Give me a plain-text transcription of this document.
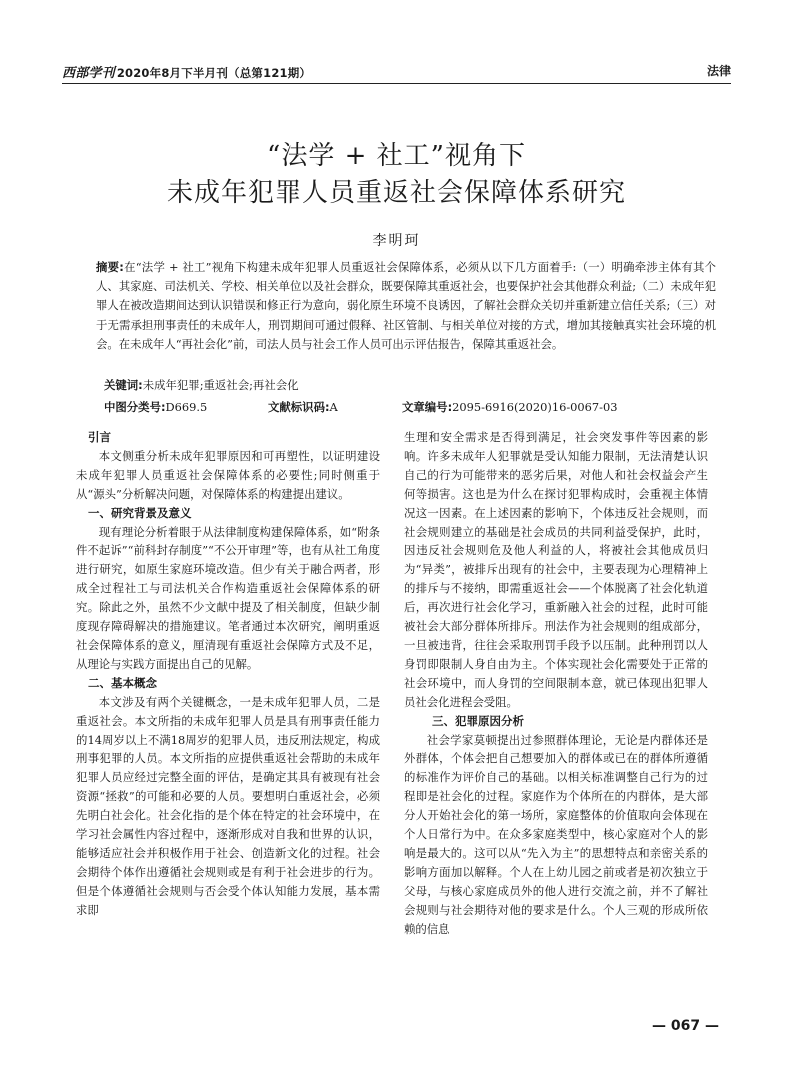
西部学刊 2020年8月下半月刊（总第121期）	法律
“法学 + 社工”视角下
未成年犯罪人员重返社会保障体系研究
李明珂
摘要:在“法学 + 社工”视角下构建未成年犯罪人员重返社会保障体系，必须从以下几方面着手:（一）明确牵涉主体有其个人、其家庭、司法机关、学校、相关单位以及社会群众，既要保障其重返社会，也要保护社会其他群众利益;（二）未成年犯罪人在被改造期间达到认识错误和修正行为意向，弱化原生环境不良诱因，了解社会群众关切并重新建立信任关系;（三）对于无需承担刑事责任的未成年人，刑罚期间可通过假释、社区管制、与相关单位对接的方式，增加其接触真实社会环境的机会。在未成年人“再社会化”前，司法人员与社会工作人员可出示评估报告，保障其重返社会。
关键词:未成年犯罪;重返社会;再社会化
中图分类号:D669.5	文献标识码:A	文章编号:2095-6916(2020)16-0067-03
引言

本文侧重分析未成年犯罪原因和可再塑性，以证明建设未成年犯罪人员重返社会保障体系的必要性;同时侧重于从“源头”分析解决问题，对保障体系的构建提出建议。

一、研究背景及意义

现有理论分析着眼于从法律制度构建保障体系，如“附条件不起诉”“前科封存制度”“不公开审理”等，也有从社工角度进行研究，如原生家庭环境改造。但少有关于融合两者，形成全过程社工与司法机关合作构造重返社会保障体系的研究。除此之外，虽然不少文献中提及了相关制度，但缺少制度现存障碍解决的措施建议。笔者通过本次研究，阐明重返社会保障体系的意义，厘清现有重返社会保障方式及不足，从理论与实践方面提出自己的见解。

二、基本概念

本文涉及有两个关键概念，一是未成年犯罪人员，二是重返社会。本文所指的未成年犯罪人员是具有刑事责任能力的14周岁以上不满18周岁的犯罪人员，违反刑法规定，构成刑事犯罪的人员。本文所指的应提供重返社会帮助的未成年犯罪人员应经过完整全面的评估，是确定其具有被现有社会资源“拯救”的可能和必要的人员。要想明白重返社会，必须先明白社会化。社会化指的是个体在特定的社会环境中，在学习社会属性内容过程中，逐渐形成对自我和世界的认识，能够适应社会并积极作用于社会、创造新文化的过程。社会会期待个体作出遵循社会规则或是有利于社会进步的行为。但是个体遵循社会规则与否会受个体认知能力发展，基本需求即

生理和安全需求是否得到满足，社会突发事件等因素的影响。许多未成年人犯罪就是受认知能力限制，无法清楚认识自己的行为可能带来的恶劣后果，对他人和社会权益会产生何等损害。这也是为什么在探讨犯罪构成时，会重视主体情况这一因素。在上述因素的影响下，个体违反社会规则，而社会规则建立的基础是社会成员的共同利益受保护，此时，因违反社会规则危及他人利益的人，将被社会其他成员归为“异类”，被排斥出现有的社会中，主要表现为心理精神上的排斥与不接纳，即需重返社会——个体脱离了社会化轨道后，再次进行社会化学习，重新融入社会的过程，此时可能被社会大部分群体所排斥。刑法作为社会规则的组成部分，一旦被违背，往往会采取刑罚手段予以压制。此种刑罚以人身罚即限制人身自由为主。个体实现社会化需要处于正常的社会环境中，而人身罚的空间限制本意，就已体现出犯罪人员社会化进程会受阻。

三、犯罪原因分析

社会学家莫顿提出过参照群体理论，无论是内群体还是外群体，个体会把自己想要加入的群体或已在的群体所遵循的标准作为评价自己的基础。以相关标准调整自己行为的过程即是社会化的过程。家庭作为个体所在的内群体，是大部分人开始社会化的第一场所，家庭整体的价值取向会体现在个人日常行为中。在众多家庭类型中，核心家庭对个人的影响是最大的。这可以从“先入为主”的思想特点和亲密关系的影响方面加以解释。个人在上幼儿园之前或者是初次独立于父母，与核心家庭成员外的他人进行交流之前，并不了解社会规则与社会期待对他的要求是什么。个人三观的形成所依赖的信息

— 067 —
